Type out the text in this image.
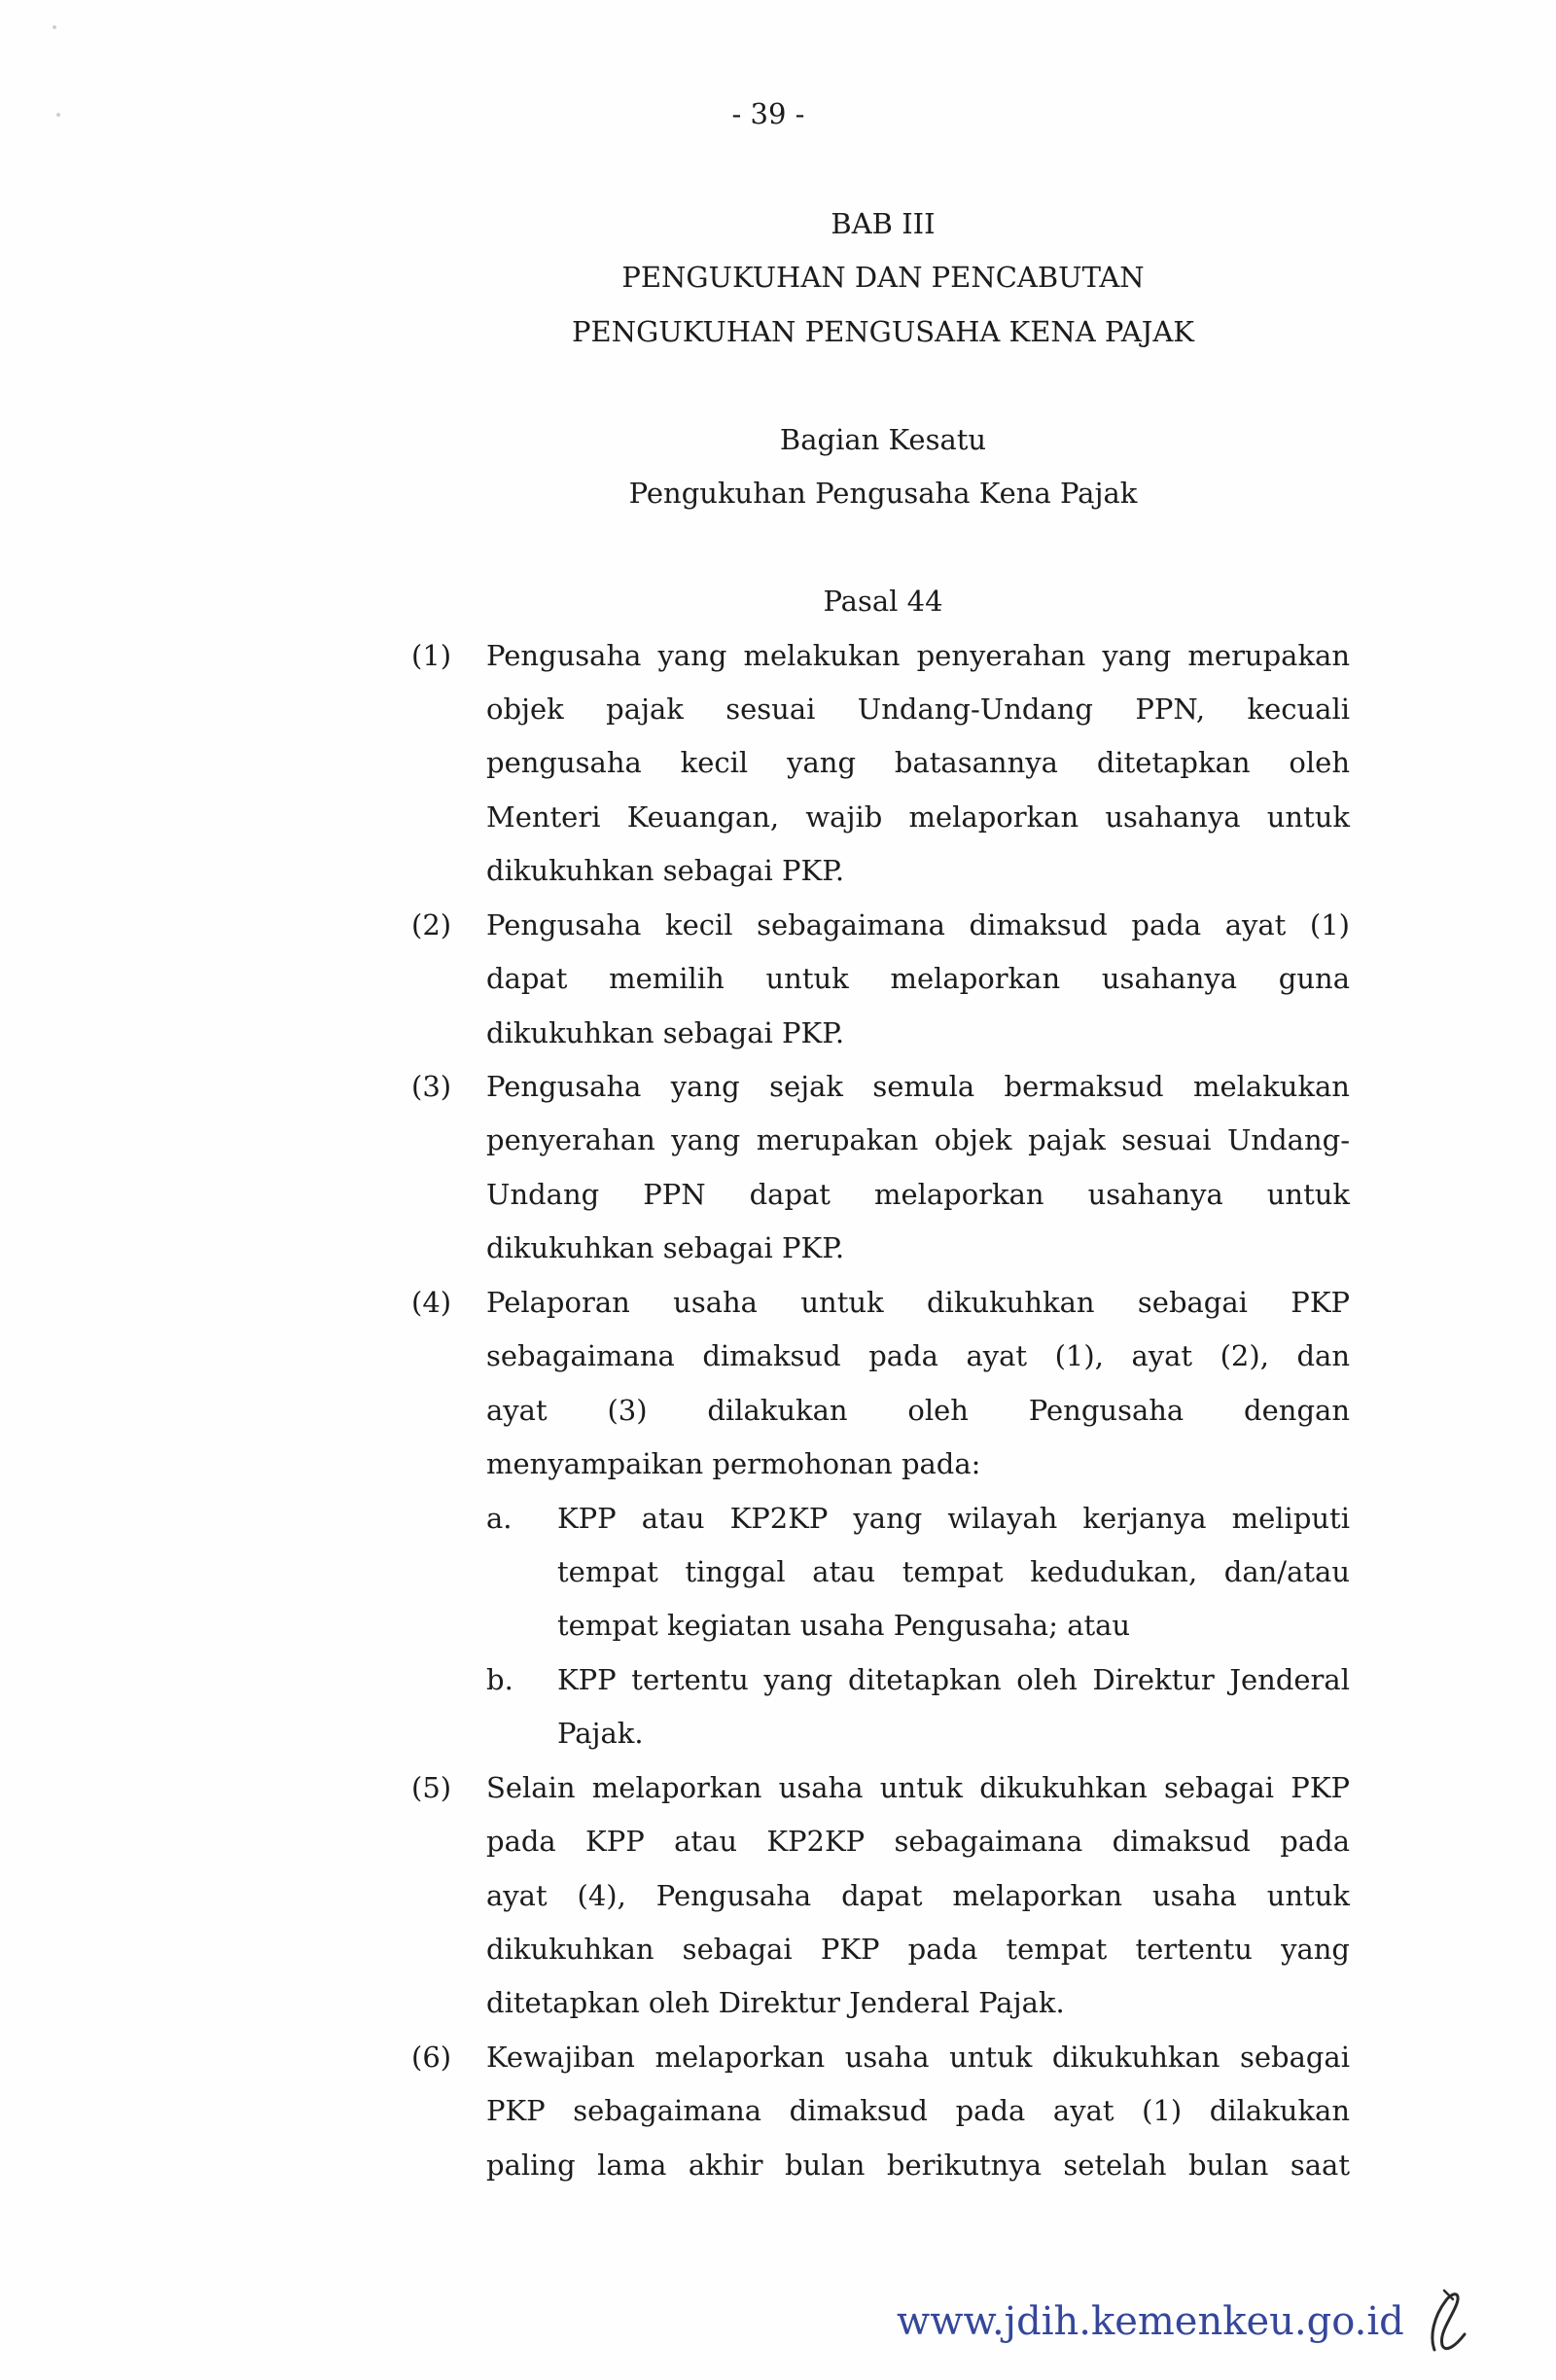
- 39 -
BAB III
PENGUKUHAN DAN PENCABUTAN
PENGUKUHAN PENGUSAHA KENA PAJAK
Bagian Kesatu
Pengukuhan Pengusaha Kena Pajak
Pasal 44
(1) Pengusaha yang melakukan penyerahan yang merupakan
objek pajak sesuai Undang-Undang PPN, kecuali
pengusaha kecil yang batasannya ditetapkan oleh
Menteri Keuangan, wajib melaporkan usahanya untuk
dikukuhkan sebagai PKP.
(2) Pengusaha kecil sebagaimana dimaksud pada ayat (1)
dapat memilih untuk melaporkan usahanya guna
dikukuhkan sebagai PKP.
(3) Pengusaha yang sejak semula bermaksud melakukan
penyerahan yang merupakan objek pajak sesuai Undang-
Undang PPN dapat melaporkan usahanya untuk
dikukuhkan sebagai PKP.
(4) Pelaporan usaha untuk dikukuhkan sebagai PKP
sebagaimana dimaksud pada ayat (1), ayat (2), dan
ayat (3) dilakukan oleh Pengusaha dengan
menyampaikan permohonan pada:
a. KPP atau KP2KP yang wilayah kerjanya meliputi
tempat tinggal atau tempat kedudukan, dan/atau
tempat kegiatan usaha Pengusaha; atau
b. KPP tertentu yang ditetapkan oleh Direktur Jenderal
Pajak.
(5) Selain melaporkan usaha untuk dikukuhkan sebagai PKP
pada KPP atau KP2KP sebagaimana dimaksud pada
ayat (4), Pengusaha dapat melaporkan usaha untuk
dikukuhkan sebagai PKP pada tempat tertentu yang
ditetapkan oleh Direktur Jenderal Pajak.
(6) Kewajiban melaporkan usaha untuk dikukuhkan sebagai
PKP sebagaimana dimaksud pada ayat (1) dilakukan
paling lama akhir bulan berikutnya setelah bulan saat
www.jdih.kemenkeu.go.id
